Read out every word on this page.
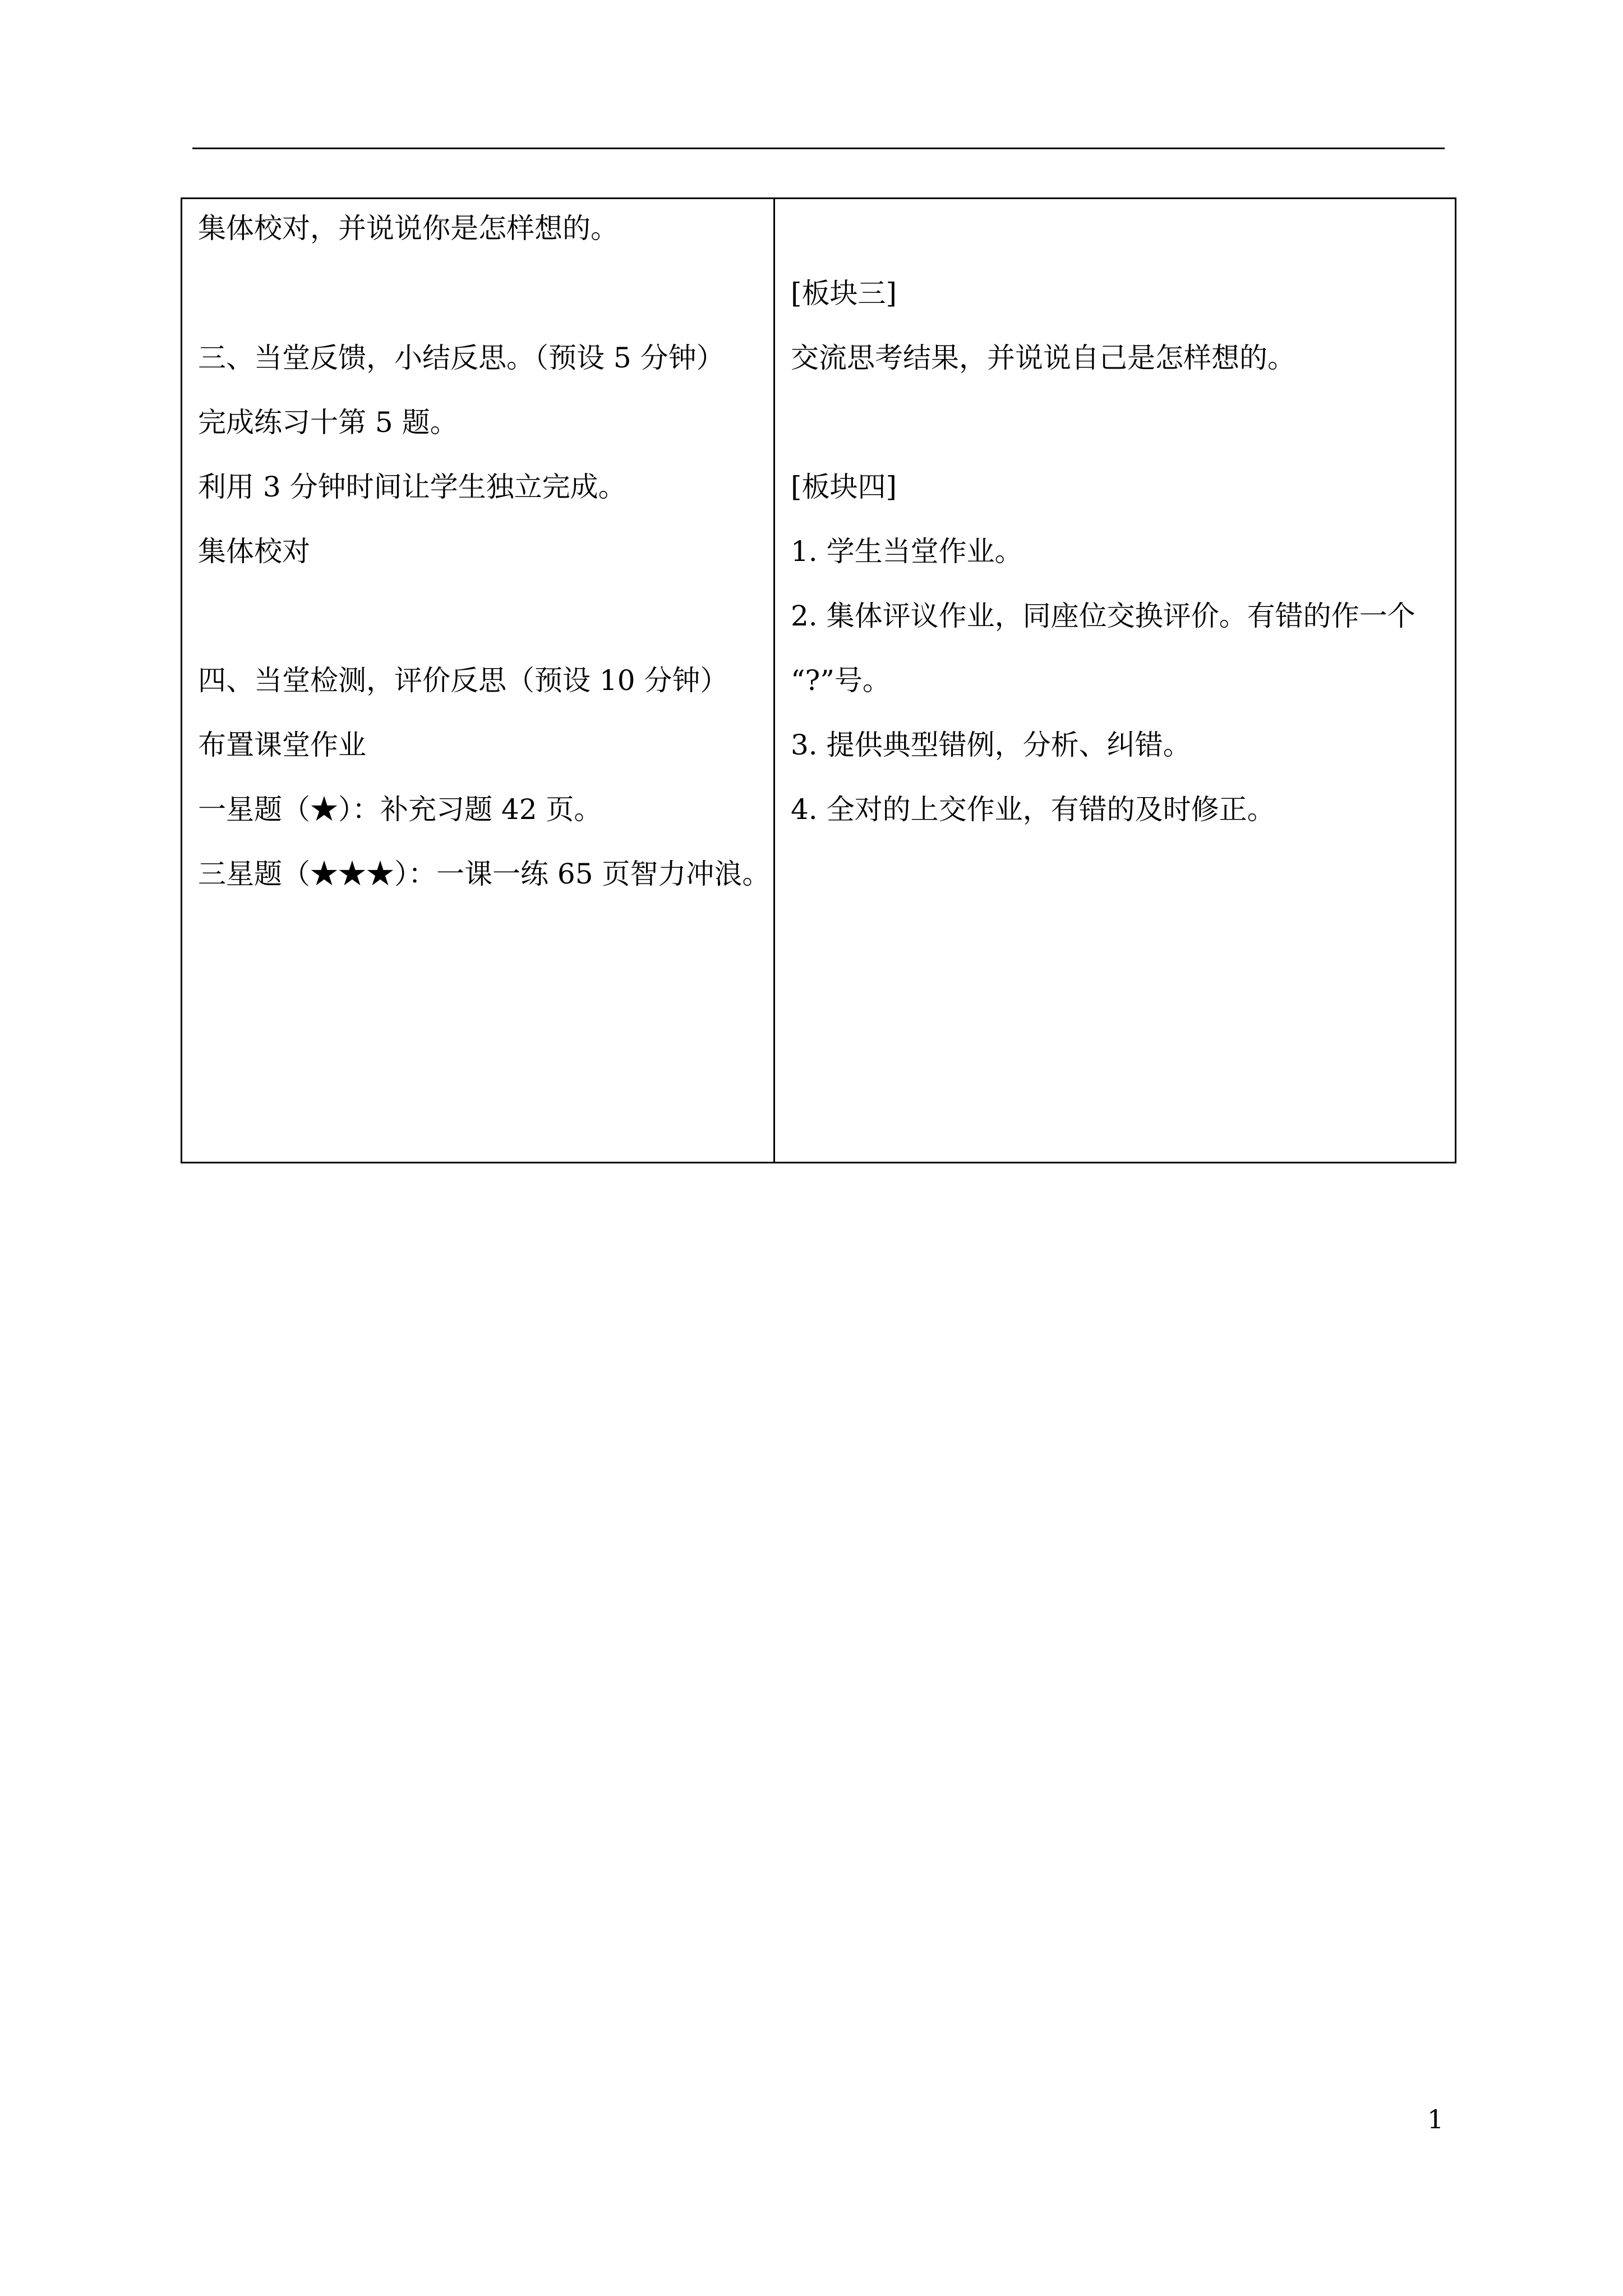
集体校对，并说说你是怎样想的。
三、当堂反馈，小结反思。（预设 5 分钟）
完成练习十第 5 题。
利用 3 分钟时间让学生独立完成。
集体校对
四、当堂检测，评价反思（预设 10 分钟）
布置课堂作业
一星题（★）：补充习题 42 页。
三星题（★★★）：一课一练 65 页智力冲浪。
[板块三]
交流思考结果，并说说自己是怎样想的。
[板块四]
1. 学生当堂作业。
2. 集体评议作业，同座位交换评价。有错的作一个
“?”号。
3. 提供典型错例，分析、纠错。
4. 全对的上交作业，有错的及时修正。
1
